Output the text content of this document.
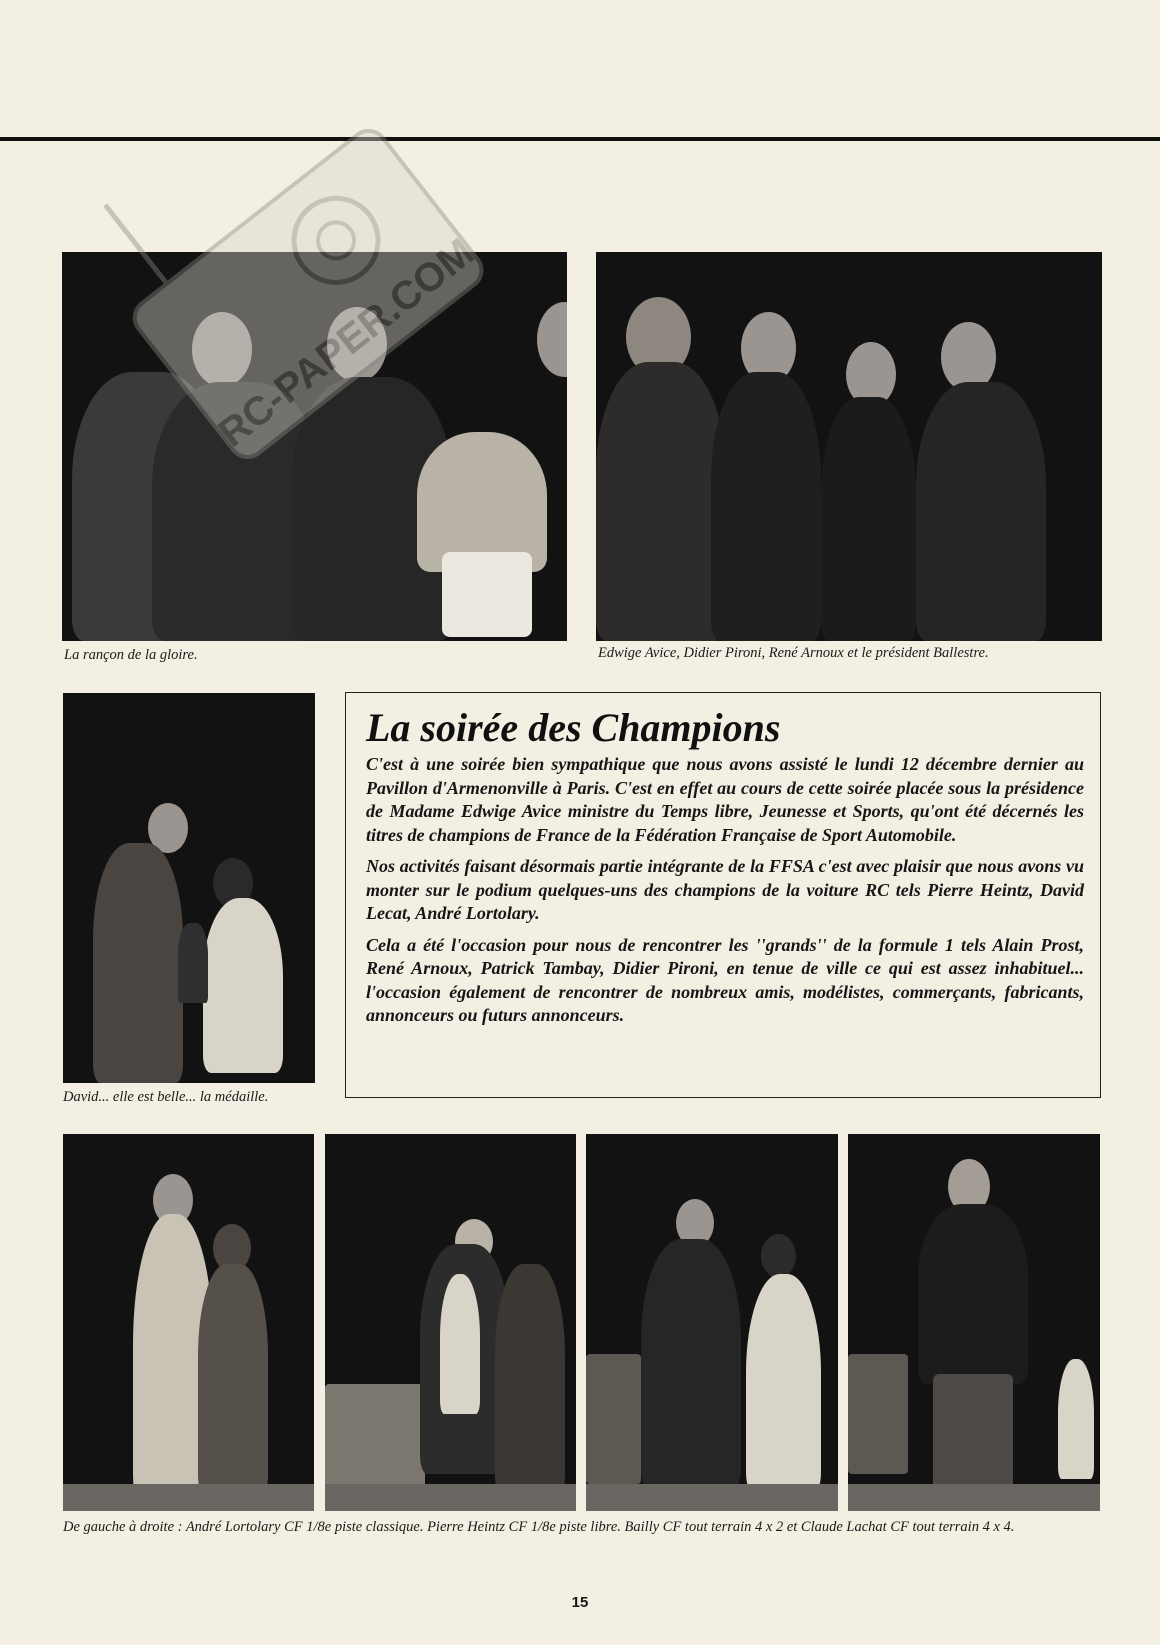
La rançon de la gloire.	Edwige Avice, Didier Pironi, René Arnoux et le président Ballestre.
David... elle est belle... la médaille.
La soirée des Champions

C'est à une soirée bien sympathique que nous avons assisté le lundi 12 décembre dernier au Pavillon d'Armenonville à Paris. C'est en effet au cours de cette soirée placée sous la présidence de Madame Edwige Avice ministre du Temps libre, Jeunesse et Sports, qu'ont été décernés les titres de champions de France de la Fédération Française de Sport Automobile.

Nos activités faisant désormais partie intégrante de la FFSA c'est avec plaisir que nous avons vu monter sur le podium quelques-uns des champions de la voiture RC tels Pierre Heintz, David Lecat, André Lortolary.

Cela a été l'occasion pour nous de rencontrer les ''grands'' de la formule 1 tels Alain Prost, René Arnoux, Patrick Tambay, Didier Pironi, en tenue de ville ce qui est assez inhabituel... l'occasion également de rencontrer de nombreux amis, modélistes, commerçants, fabricants, annonceurs ou futurs annonceurs.

De gauche à droite : André Lortolary CF 1/8e piste classique. Pierre Heintz CF 1/8e piste libre. Bailly CF tout terrain 4 x 2 et Claude Lachat CF tout terrain 4 x 4.
RC-PAPER.COM
15
